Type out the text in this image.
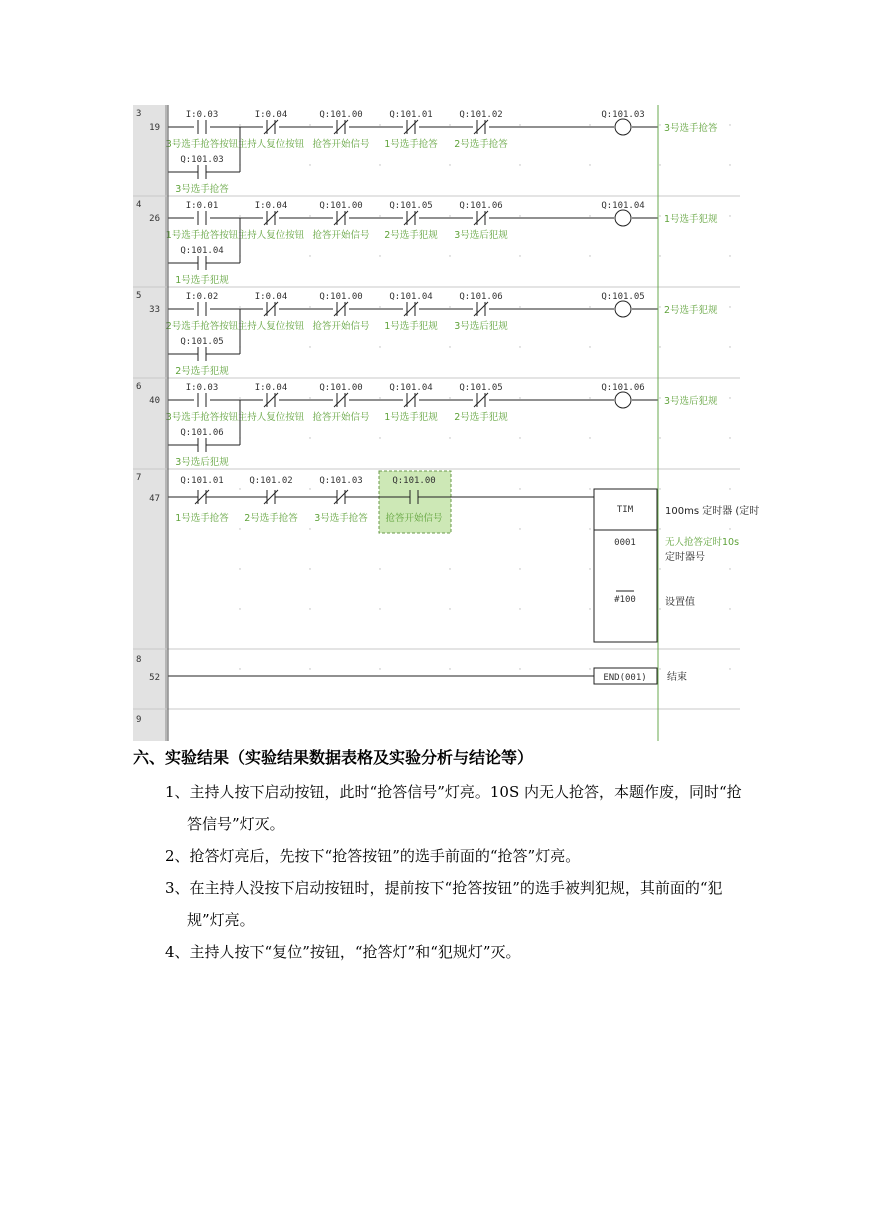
3
19
I:0.03
3号选手抢答按钮
I:0.04
主持人复位按钮
Q:101.00
抢答开始信号
Q:101.01
1号选手抢答
Q:101.02
2号选手抢答
Q:101.03
3号选手抢答
Q:101.03
3号选手抢答
4
26
I:0.01
1号选手抢答按钮
I:0.04
主持人复位按钮
Q:101.00
抢答开始信号
Q:101.05
2号选手犯规
Q:101.06
3号选后犯规
Q:101.04
1号选手犯规
Q:101.04
1号选手犯规
5
33
I:0.02
2号选手抢答按钮
I:0.04
主持人复位按钮
Q:101.00
抢答开始信号
Q:101.04
1号选手犯规
Q:101.06
3号选后犯规
Q:101.05
2号选手犯规
Q:101.05
2号选手犯规
6
40
I:0.03
3号选手抢答按钮
I:0.04
主持人复位按钮
Q:101.00
抢答开始信号
Q:101.04
1号选手犯规
Q:101.05
2号选手犯规
Q:101.06
3号选后犯规
Q:101.06
3号选后犯规
7
47
Q:101.01
1号选手抢答
Q:101.02
2号选手抢答
Q:101.03
3号选手抢答
Q:101.00
抢答开始信号
TIM
0001
#100
100ms 定时器 (定时
无人抢答定时10s
定时器号
设置值
8
52	END(001) 结束
9
六、实验结果（实验结果数据表格及实验分析与结论等）
1、主持人按下启动按钮，此时“抢答信号”灯亮。10S 内无人抢答，本题作废，同时“抢答信号”灯灭。
2、抢答灯亮后，先按下“抢答按钮”的选手前面的“抢答”灯亮。
3、在主持人没按下启动按钮时，提前按下“抢答按钮”的选手被判犯规，其前面的“犯规”灯亮。
4、主持人按下“复位”按钮，“抢答灯”和“犯规灯”灭。
